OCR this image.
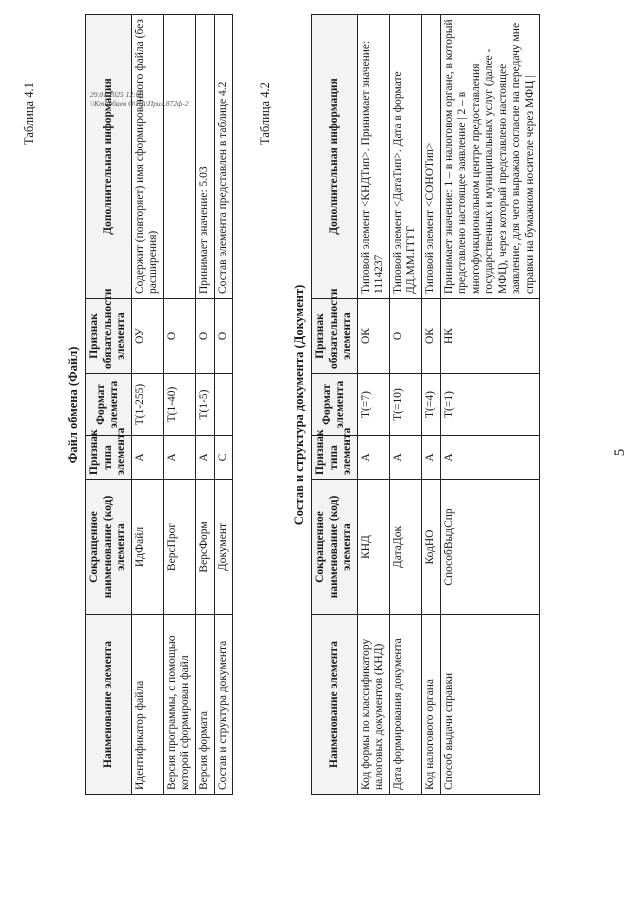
5
Таблица 4.1
Файл обмена (Файл)
Наименование элемента	Сокращенное наименование (код) элемента	Признак типа элемента	Формат элемента	Признак обязательности элемента	Дополнительная информация
Идентификатор файла	ИдФайл	А	Т(1-255)	ОУ	Содержит (повторяет) имя сформированного файла (без расширения)
Версия программы, с помощью которой сформирован файл	ВерсПрог	А	Т(1-40)	О	
Версия формата	ВерсФорм	А	Т(1-5)	О	Принимает значение: 5.03
Состав и структура документа	Документ	С		О	Состав элемента представлен в таблице 4.2 Таблица 4.2
Состав и структура документа (Документ)
Наименование элемента	Сокращенное наименование (код) элемента	Признак типа элемента	Формат элемента	Признак обязательности элемента	Дополнительная информация
Код формы по классификатору налоговых документов (КНД)	КНД	А	Т(=7)	ОК	Типовой элемент <КНДТип>. Принимает значение: 1114237
Дата формирования документа	ДатаДок	А	Т(=10)	О	Типовой элемент <ДатаТип>. Дата в формате ДД.ММ.ГГГГ
Код налогового органа	КодНО	А	Т(=4)	ОК	Типовой элемент <СОНОТип>
Способ выдачи справки	СпособВыдСпр	А	Т(=1)	НК	Принимает значение: 1 – в налоговом органе, в который представлено настоящее заявление | 2 – в многофункциональном центре предоставления государственных и муниципальных услуг (далее - МФЦ), через который представлено настоящее заявление, для чего выражаю согласие на передачу мне справки на бумажном носителе через МФЦ |
29.01.2025 12:08
\\Ктарбаев О\ПА\Прил.872ф-2
